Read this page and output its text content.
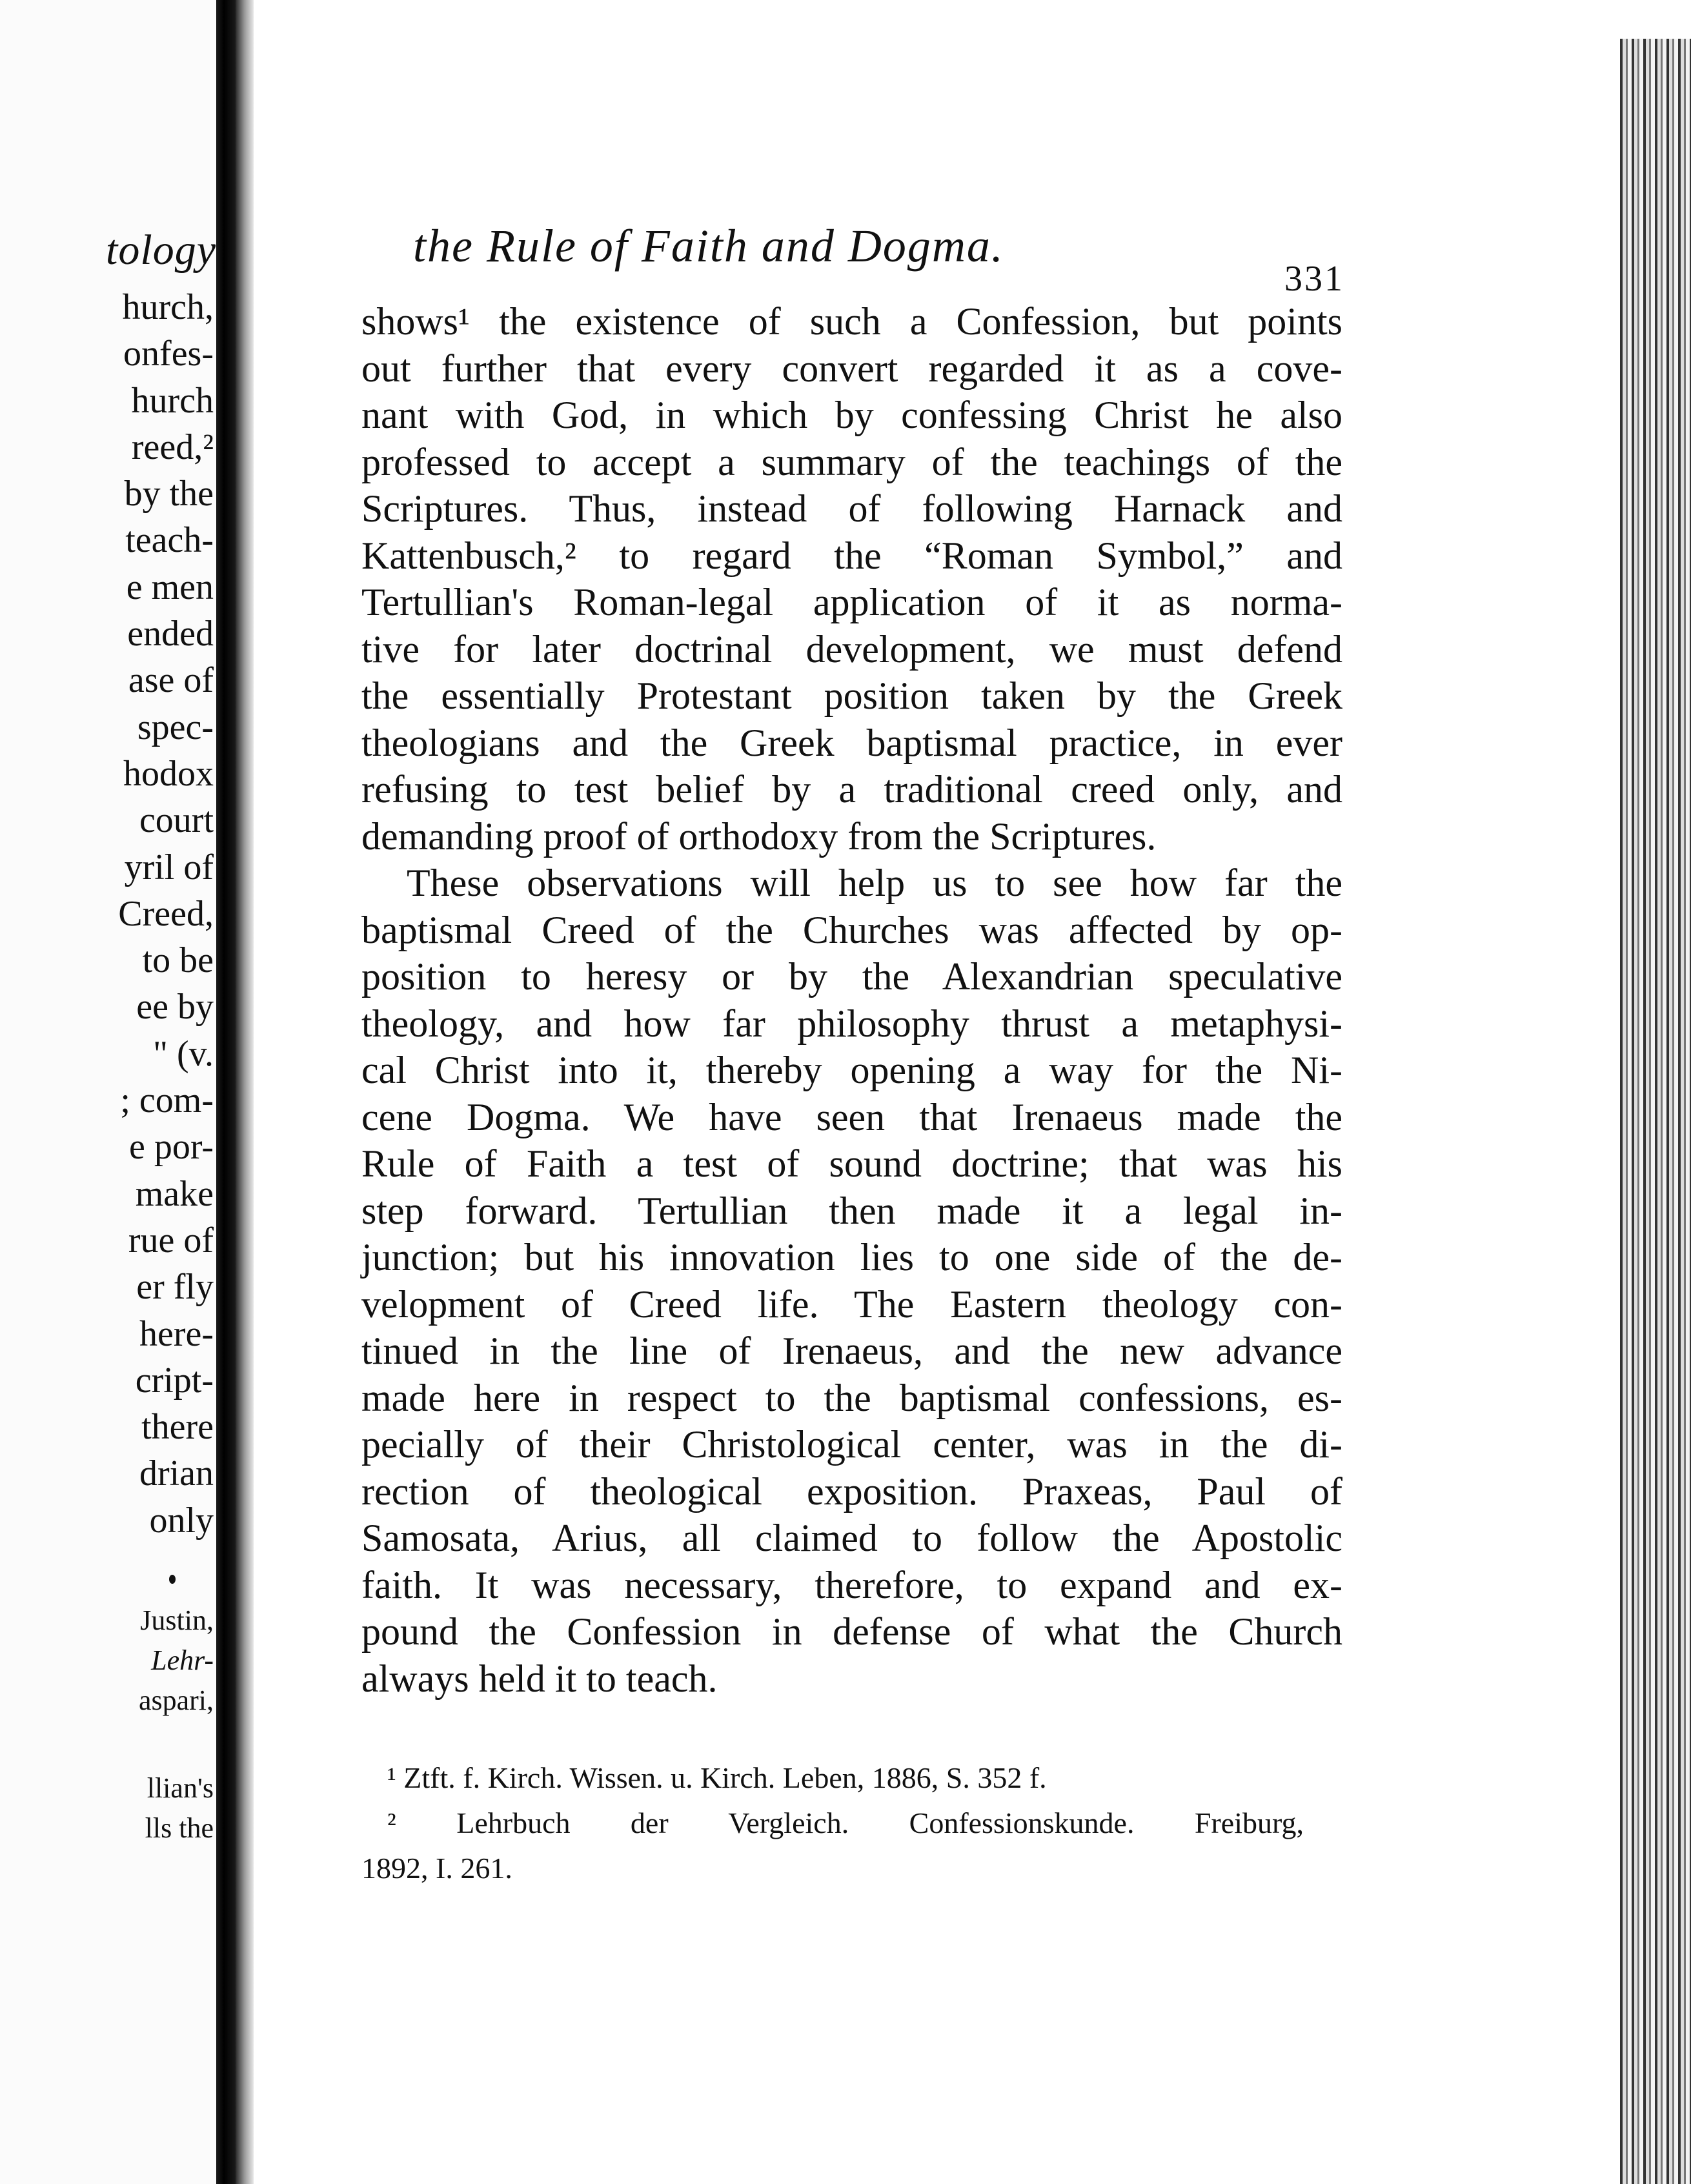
tology
hurch,
onfes-
hurch
reed,²
by the
teach-
e men
ended
ase of
spec-
hodox
court
yril of
Creed,
to be
ee by
" (v.
; com-
e por-
make
rue of
er fly
here-
cript-
there
drian
only
Justin,
Lehr-
aspari,
llian's
lls the
the Rule of Faith and Dogma.
331
shows¹ the existence of such a Confession, but points
out further that every convert regarded it as a cove-
nant with God, in which by confessing Christ he also
professed to accept a summary of the teachings of the
Scriptures. Thus, instead of following Harnack and
Kattenbusch,² to regard the “Roman Symbol,” and
Tertullian's Roman-legal application of it as norma-
tive for later doctrinal development, we must defend
the essentially Protestant position taken by the Greek
theologians and the Greek baptismal practice, in ever
refusing to test belief by a traditional creed only, and
demanding proof of orthodoxy from the Scriptures.
These observations will help us to see how far the
baptismal Creed of the Churches was affected by op-
position to heresy or by the Alexandrian speculative
theology, and how far philosophy thrust a metaphysi-
cal Christ into it, thereby opening a way for the Ni-
cene Dogma. We have seen that Irenaeus made the
Rule of Faith a test of sound doctrine; that was his
step forward. Tertullian then made it a legal in-
junction; but his innovation lies to one side of the de-
velopment of Creed life. The Eastern theology con-
tinued in the line of Irenaeus, and the new advance
made here in respect to the baptismal confessions, es-
pecially of their Christological center, was in the di-
rection of theological exposition. Praxeas, Paul of
Samosata, Arius, all claimed to follow the Apostolic
faith. It was necessary, therefore, to expand and ex-
pound the Confession in defense of what the Church
always held it to teach.
¹ Ztft. f. Kirch. Wissen. u. Kirch. Leben, 1886, S. 352 f.
² Lehrbuch der Vergleich. Confessionskunde. Freiburg,
1892, I. 261.
